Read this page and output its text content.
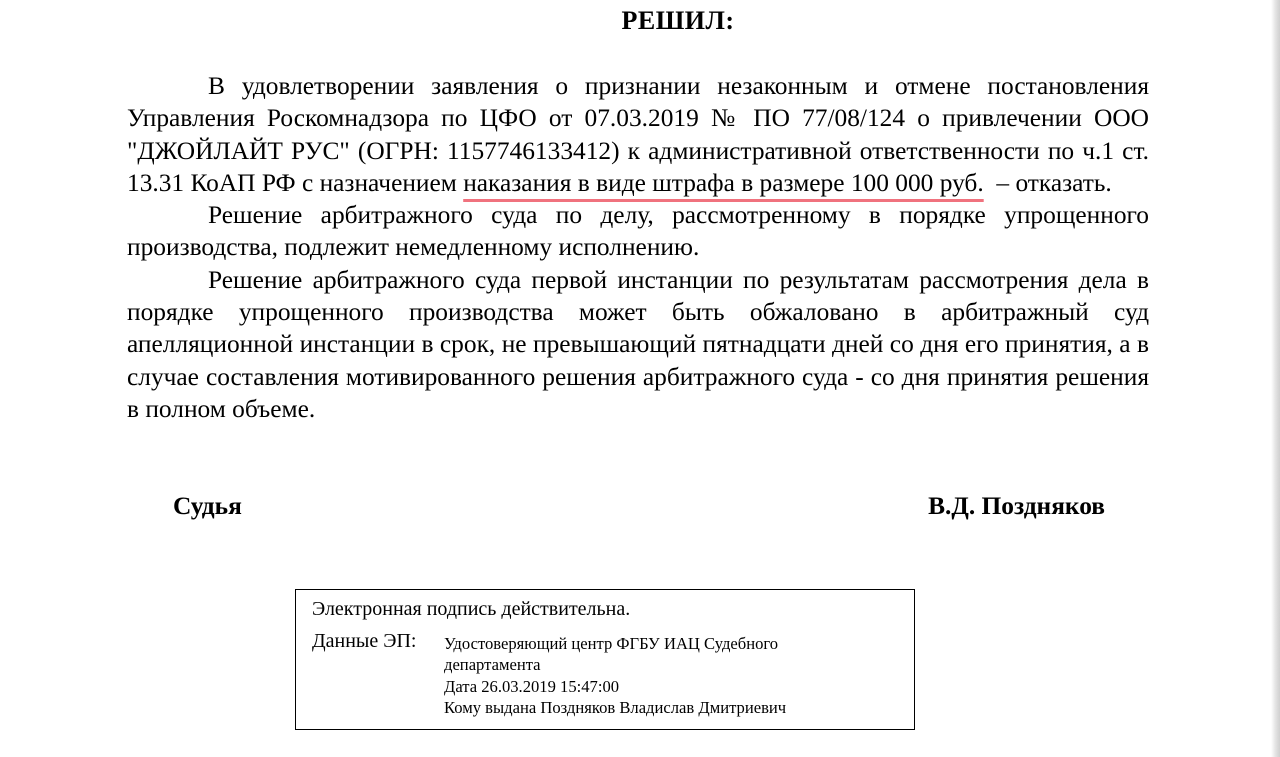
РЕШИЛ:

В удовлетворении заявления о признании незаконным и отмене постановления Управления Роскомнадзора по ЦФО от 07.03.2019 № ПО 77/08/124 о привлечении ООО "ДЖОЙЛАЙТ РУС" (ОГРН: 1157746133412) к административной ответственности по ч.1 ст. 13.31 КоАП РФ с назначением наказания в виде штрафа в размере 100 000 руб.  – отказать.

Решение арбитражного суда по делу, рассмотренному в порядке упрощенного производства, подлежит немедленному исполнению.

Решение арбитражного суда первой инстанции по результатам рассмотрения дела в порядке упрощенного производства может быть обжаловано в арбитражный суд апелляционной инстанции в срок, не превышающий пятнадцати дней со дня его принятия, а в случае составления мотивированного решения арбитражного суда - со дня принятия решения в полном объеме.

Судья	В.Д. Поздняков
Электронная подпись действительна.
Данные ЭП: Удостоверяющий центр ФГБУ ИАЦ Судебного
департамента
Дата 26.03.2019 15:47:00
Кому выдана Поздняков Владислав Дмитриевич
